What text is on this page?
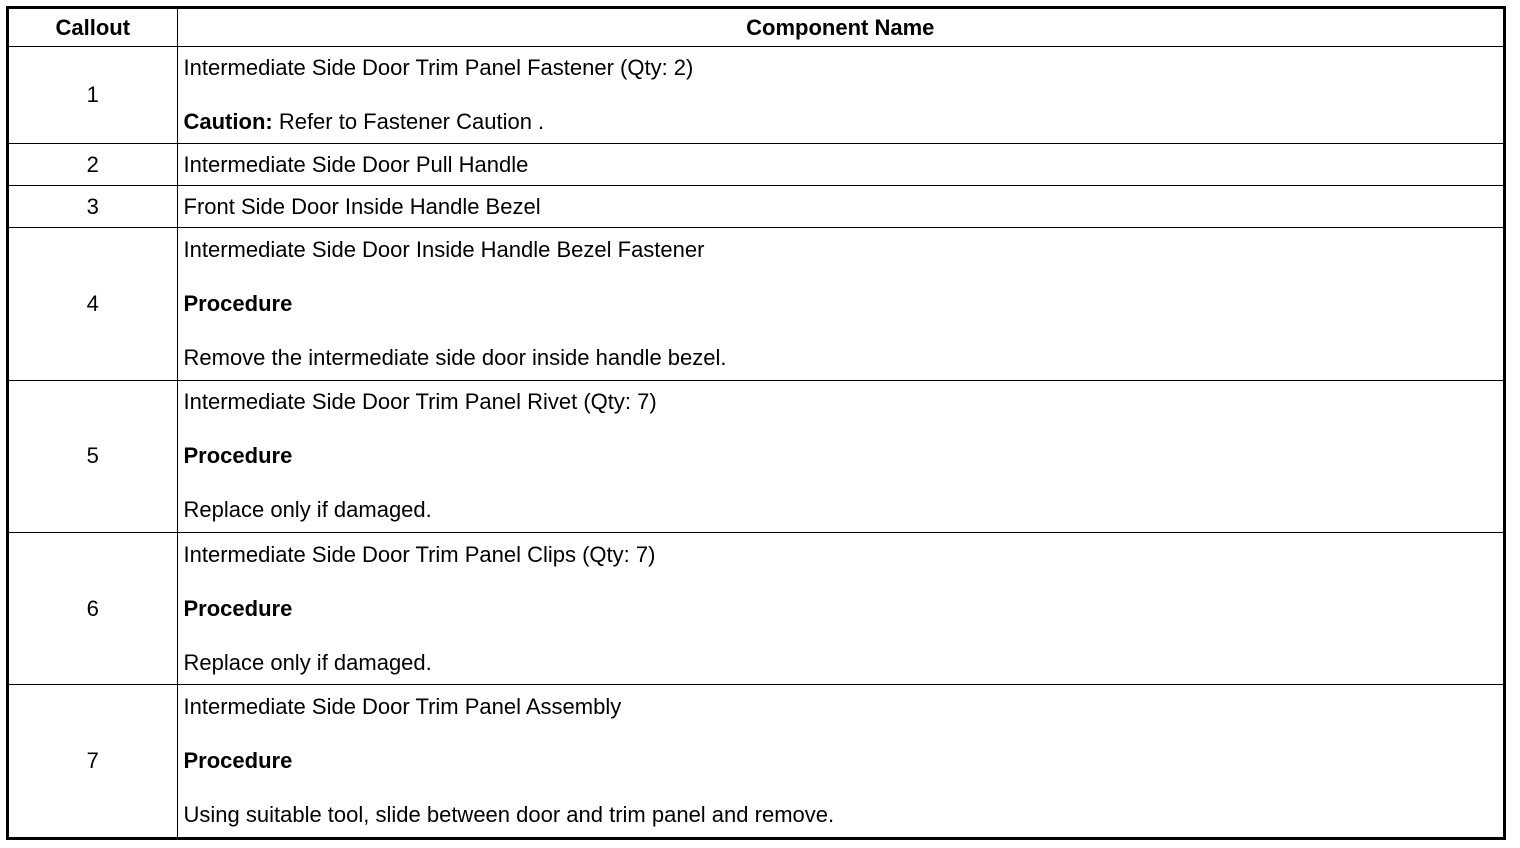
Callout	Component Name
1	Intermediate Side Door Trim Panel Fastener (Qty: 2)
Caution: Refer to Fastener Caution .

2	Intermediate Side Door Pull Handle

3	Front Side Door Inside Handle Bezel

4	Intermediate Side Door Inside Handle Bezel Fastener
Procedure
Remove the intermediate side door inside handle bezel.

5	Intermediate Side Door Trim Panel Rivet (Qty: 7)
Procedure
Replace only if damaged.

6	Intermediate Side Door Trim Panel Clips (Qty: 7)
Procedure
Replace only if damaged.

7	Intermediate Side Door Trim Panel Assembly
Procedure
Using suitable tool, slide between door and trim panel and remove.
